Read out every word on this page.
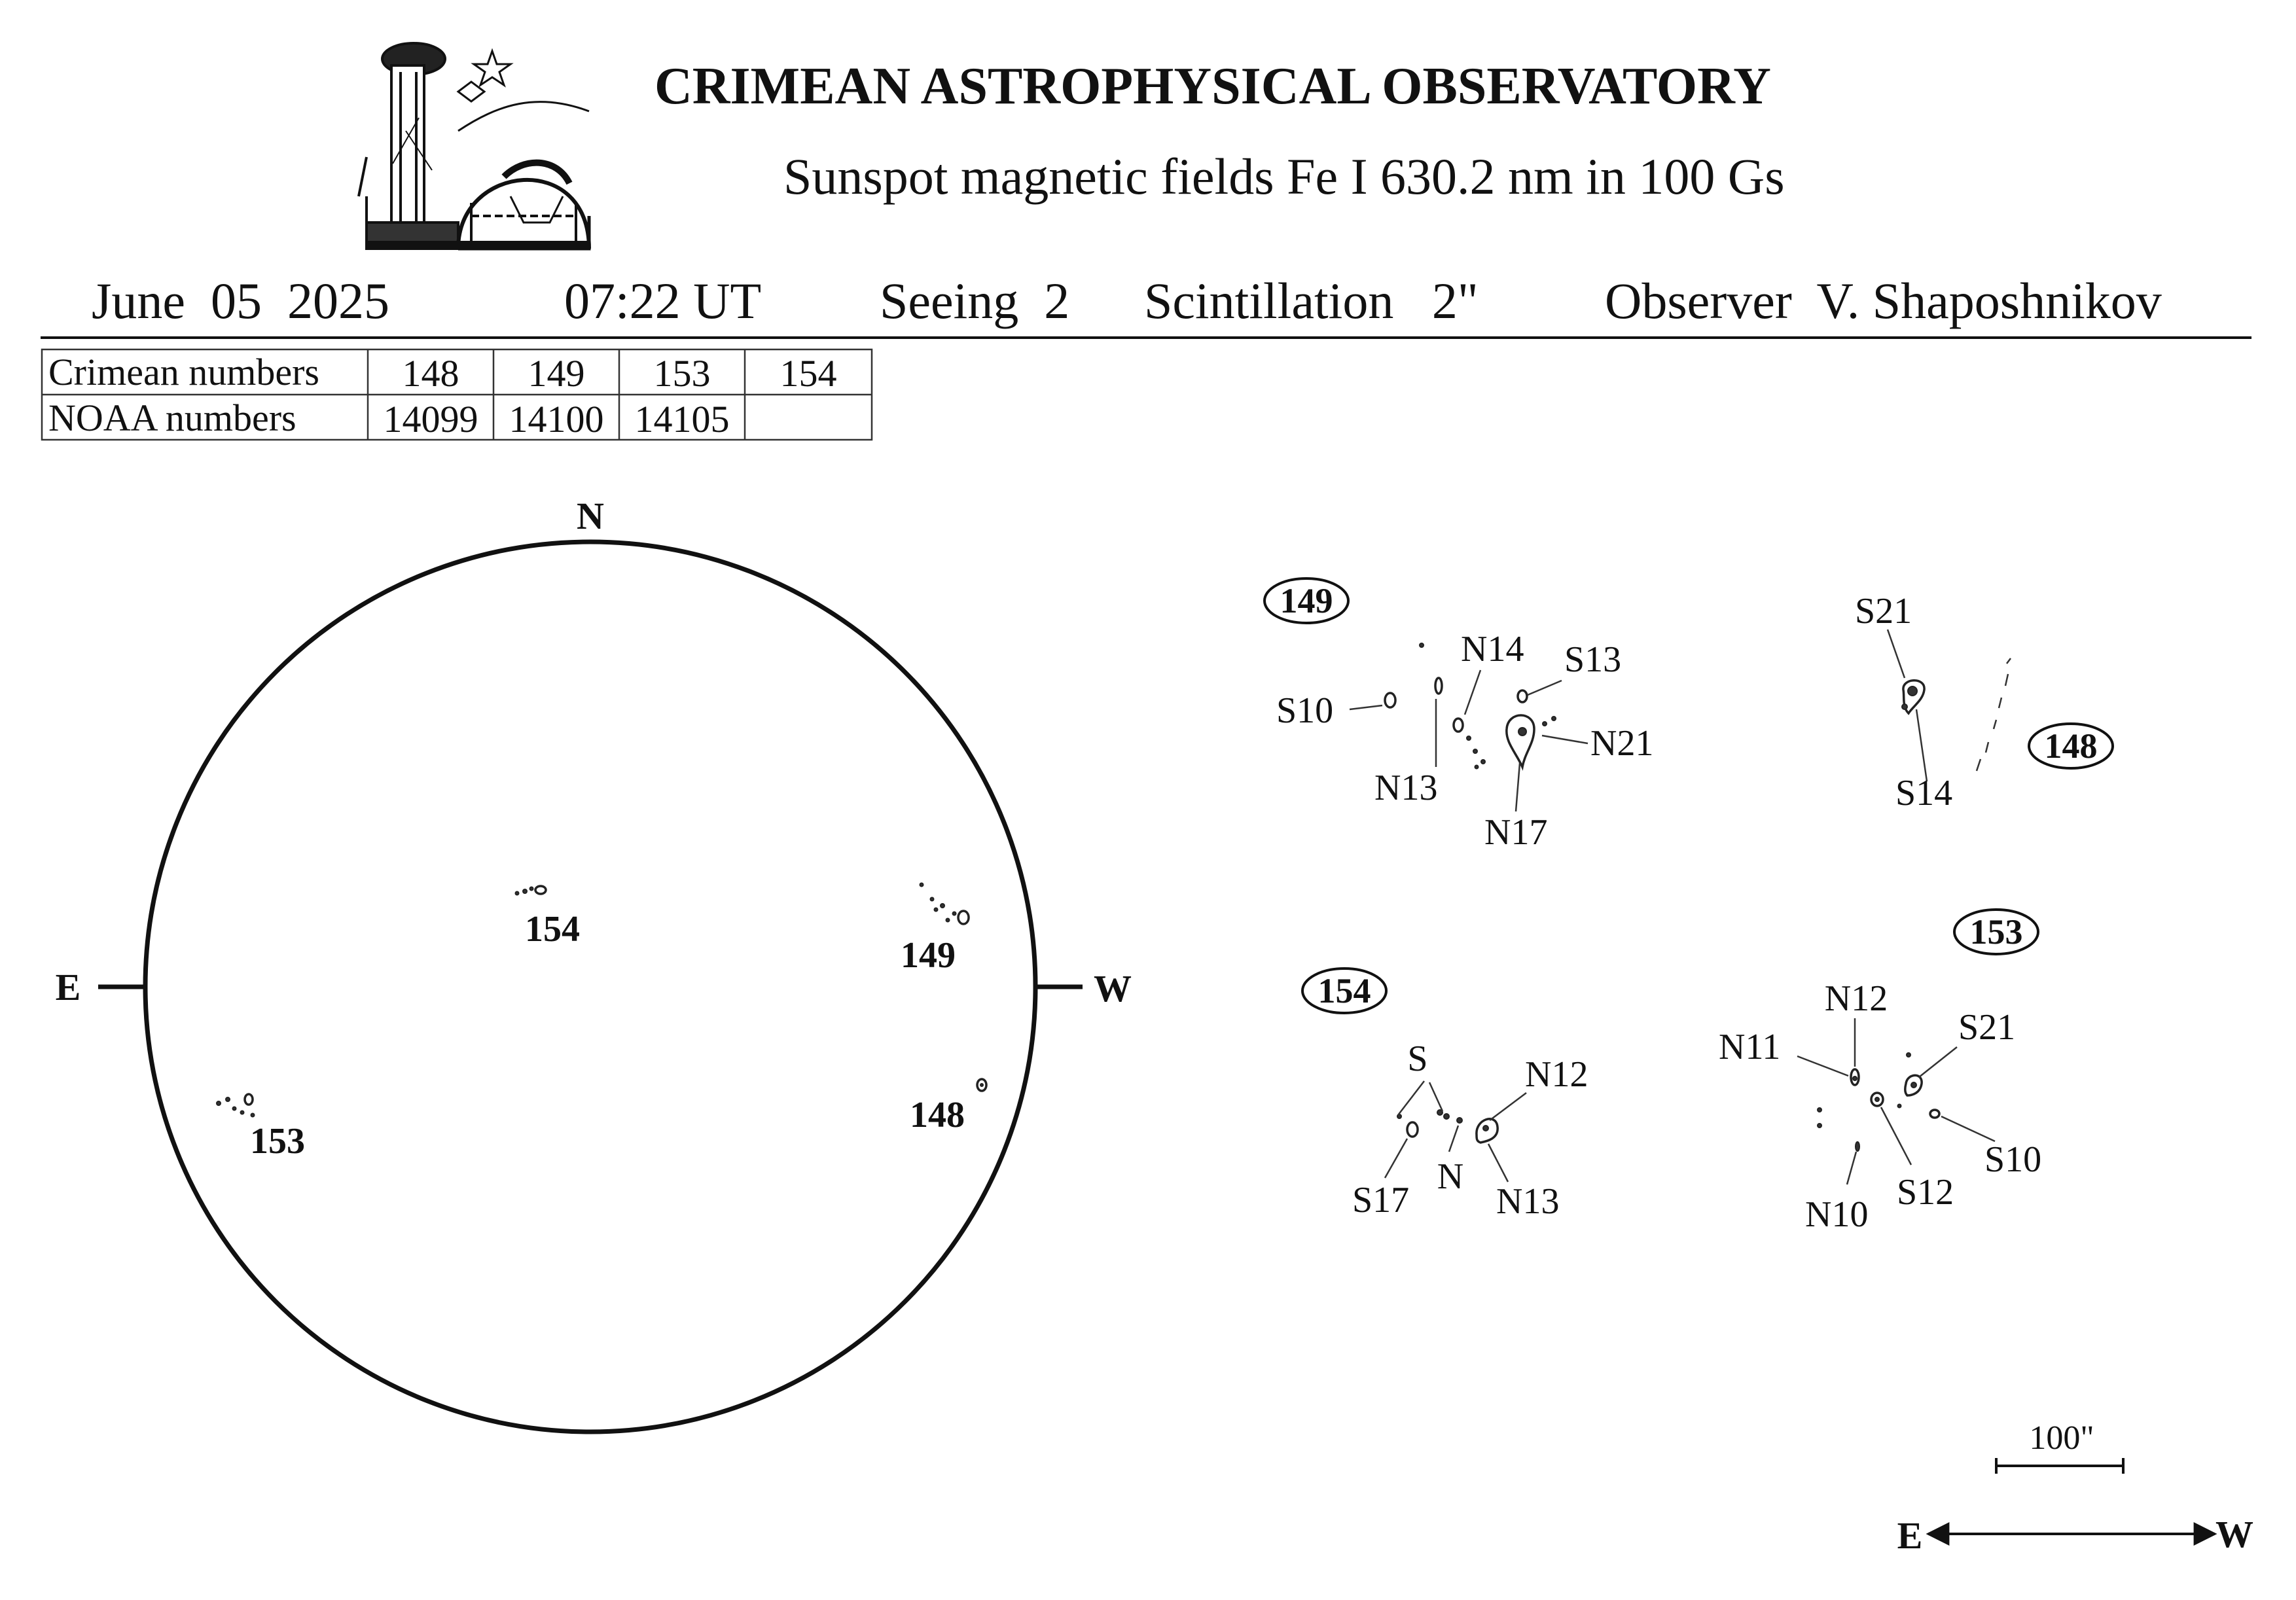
CRIMEAN ASTROPHYSICAL OBSERVATORY
Sunspot magnetic fields Fe I 630.2 nm in 100 Gs
June  05  2025	07:22 UT Seeing  2 Scintillation   2" Observer  V. Shaposhnikov
Crimean numbers 148 149 153 154
NOAA numbers 14099 14100 14105
N
E	W
154
149
148
153
149
S10
N14 S13
N21
N13
N17
148
S21
S14
154
S	N12
S17
N
N13
153
N12
N11	S21
S10
S12
N10
100"
E	W
